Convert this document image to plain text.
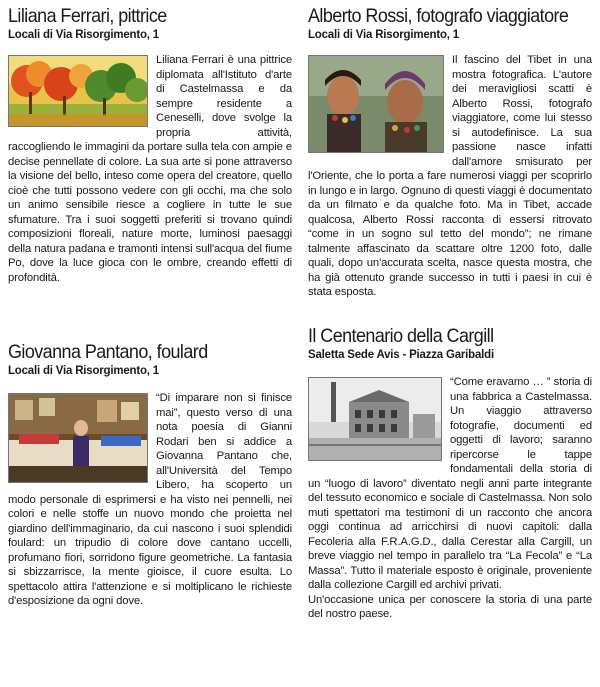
Liliana Ferrari, pittrice
Locali di Via Risorgimento, 1

Liliana Ferrari è una pittrice diplomata all'Istituto d'arte di Castelmassa e da sempre residente a Ceneselli, dove svolge la propria attività, raccogliendo le immagini da portare sulla tela con ampie e decise pennellate di colore. La sua arte si pone attraverso la visione del bello, inteso come opera del creatore, quello cioè che tutti possono vedere con gli occhi, ma che solo un animo sensibile riesce a cogliere in tutte le sue sfumature. Tra i suoi soggetti preferiti si trovano quindi composizioni floreali, nature morte, luminosi paesaggi della natura padana e tramonti intensi sull'acqua del fiume Po, dove la luce gioca con le ombre, creando effetti di profondità.

Giovanna Pantano, foulard
Locali di Via Risorgimento, 1

“Di imparare non si finisce mai”, questo verso di una nota poesia di Gianni Rodari ben si addice a Giovanna Pantano che, all'Università del Tempo Libero, ha scoperto un modo personale di esprimersi e ha visto nei pennelli, nei colori e nelle stoffe un nuovo mondo che proietta nel giardino dell'immaginario, da cui nascono i suoi splendidi foulard: un tripudio di colore dove cantano uccelli, profumano fiori, sorridono figure geometriche. La fantasia si sbizzarrisce, la mente gioisce, il cuore esulta. Lo spettacolo attira l'attenzione e si moltiplicano le richieste d'esposizione da ogni dove.

Alberto Rossi, fotografo viaggiatore
Locali di Via Risorgimento, 1

Il fascino del Tibet in una mostra fotografica. L'autore dei meravigliosi scatti è Alberto Rossi, fotografo viaggiatore, come lui stesso si autodefinisce. La sua passione nasce infatti dall'amore smisurato per l'Oriente, che lo porta a fare numerosi viaggi per scoprirlo in lungo e in largo. Ognuno di questi viaggi è documentato da un filmato e da qualche foto. Ma in Tibet, accade qualcosa, Alberto Rossi racconta di essersi ritrovato “come in un sogno sul tetto del mondo”; ne rimane talmente affascinato da scattare oltre 1200 foto, dalle quali, dopo un'accurata scelta, nasce questa mostra, che ha già ottenuto grande successo in tutti i paesi in cui è stata esposta.

Il Centenario della Cargill
Saletta Sede Avis - Piazza Garibaldi

“Come eravamo … ” storia di una fabbrica a Castelmassa. Un viaggio attraverso fotografie, documenti ed oggetti di lavoro; saranno ripercorse le tappe fondamentali della storia di un “luogo di lavoro” diventato negli anni parte integrante del tessuto economico e sociale di Castelmassa. Non solo muti spettatori ma testimoni di un racconto che ancora oggi continua ad arricchirsi di nuovi capitoli: dalla Fecoleria alla F.R.A.G.D., dalla Cerestar alla Cargill, un breve viaggio nel tempo in parallelo tra “La Fecola” e “La Massa”. Tutto il materiale esposto è originale, proveniente dalla collezione Cargill ed archivi privati.

Un'occasione unica per conoscere la storia di una parte del nostro paese.
